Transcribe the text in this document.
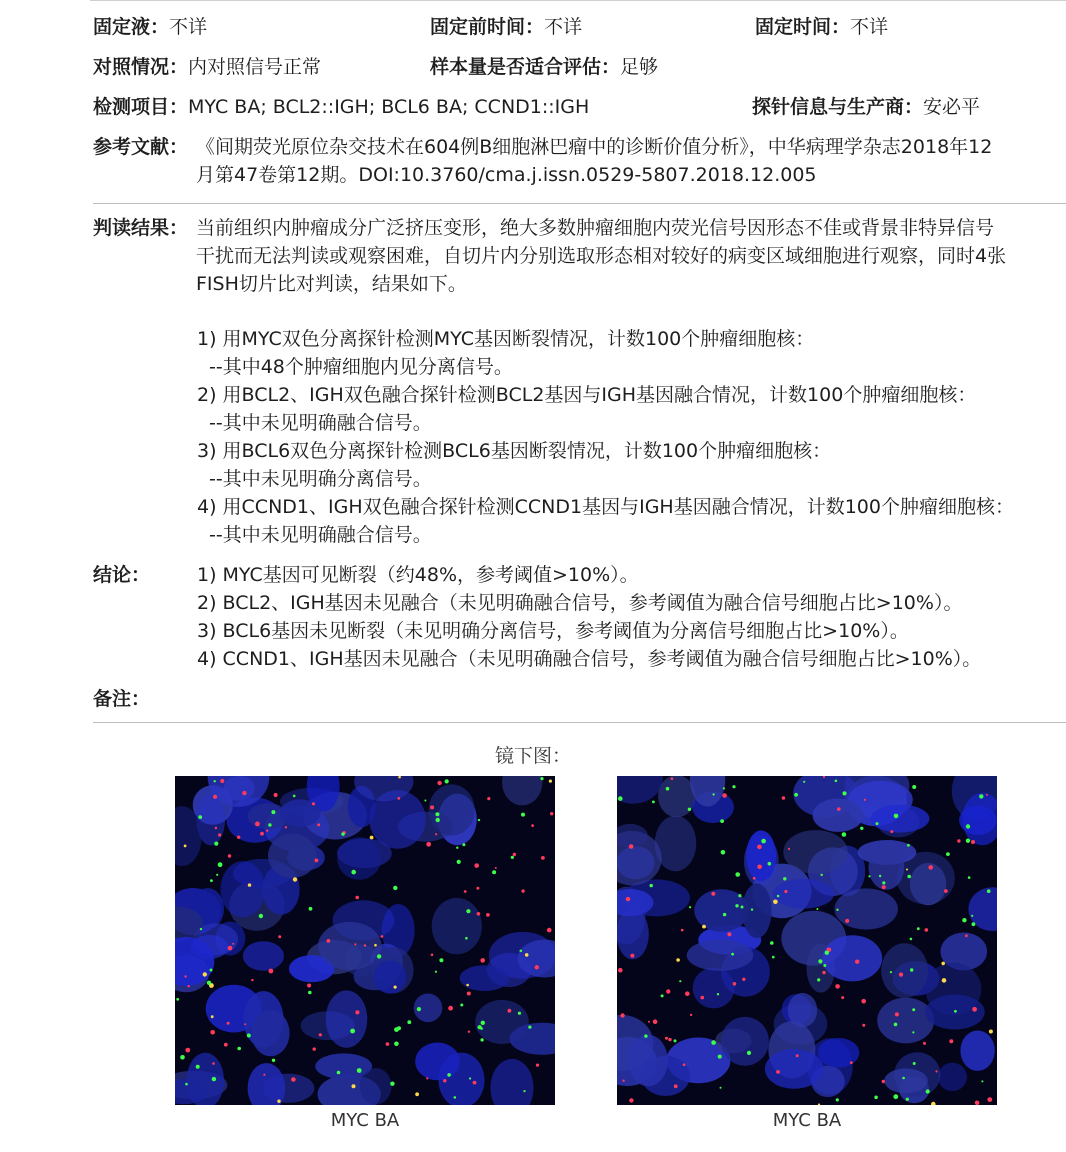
固定液：不详	固定前时间：不详	固定时间：不详
对照情况：内对照信号正常	样本量是否适合评估：足够
检测项目：MYC BA; BCL2::IGH; BCL6 BA; CCND1::IGH	探针信息与生产商：安必平
参考文献： 《间期荧光原位杂交技术在604例B细胞淋巴瘤中的诊断价值分析》，中华病理学杂志2018年12
月第47卷第12期。DOI:10.3760/cma.j.issn.0529-5807.2018.12.005
判读结果： 当前组织内肿瘤成分广泛挤压变形，绝大多数肿瘤细胞内荧光信号因形态不佳或背景非特异信号
干扰而无法判读或观察困难，自切片内分别选取形态相对较好的病变区域细胞进行观察，同时4张
FISH切片比对判读，结果如下。
1) 用MYC双色分离探针检测MYC基因断裂情况，计数100个肿瘤细胞核：
--其中48个肿瘤细胞内见分离信号。
2) 用BCL2、IGH双色融合探针检测BCL2基因与IGH基因融合情况，计数100个肿瘤细胞核：
--其中未见明确融合信号。
3) 用BCL6双色分离探针检测BCL6基因断裂情况，计数100个肿瘤细胞核：
--其中未见明确分离信号。
4) 用CCND1、IGH双色融合探针检测CCND1基因与IGH基因融合情况，计数100个肿瘤细胞核：
--其中未见明确融合信号。
结论： 1) MYC基因可见断裂（约48%，参考阈值>10%）。
2) BCL2、IGH基因未见融合（未见明确融合信号，参考阈值为融合信号细胞占比>10%）。
3) BCL6基因未见断裂（未见明确分离信号，参考阈值为分离信号细胞占比>10%）。
4) CCND1、IGH基因未见融合（未见明确融合信号，参考阈值为融合信号细胞占比>10%）。
备注：
镜下图：
MYC BA	MYC BA
